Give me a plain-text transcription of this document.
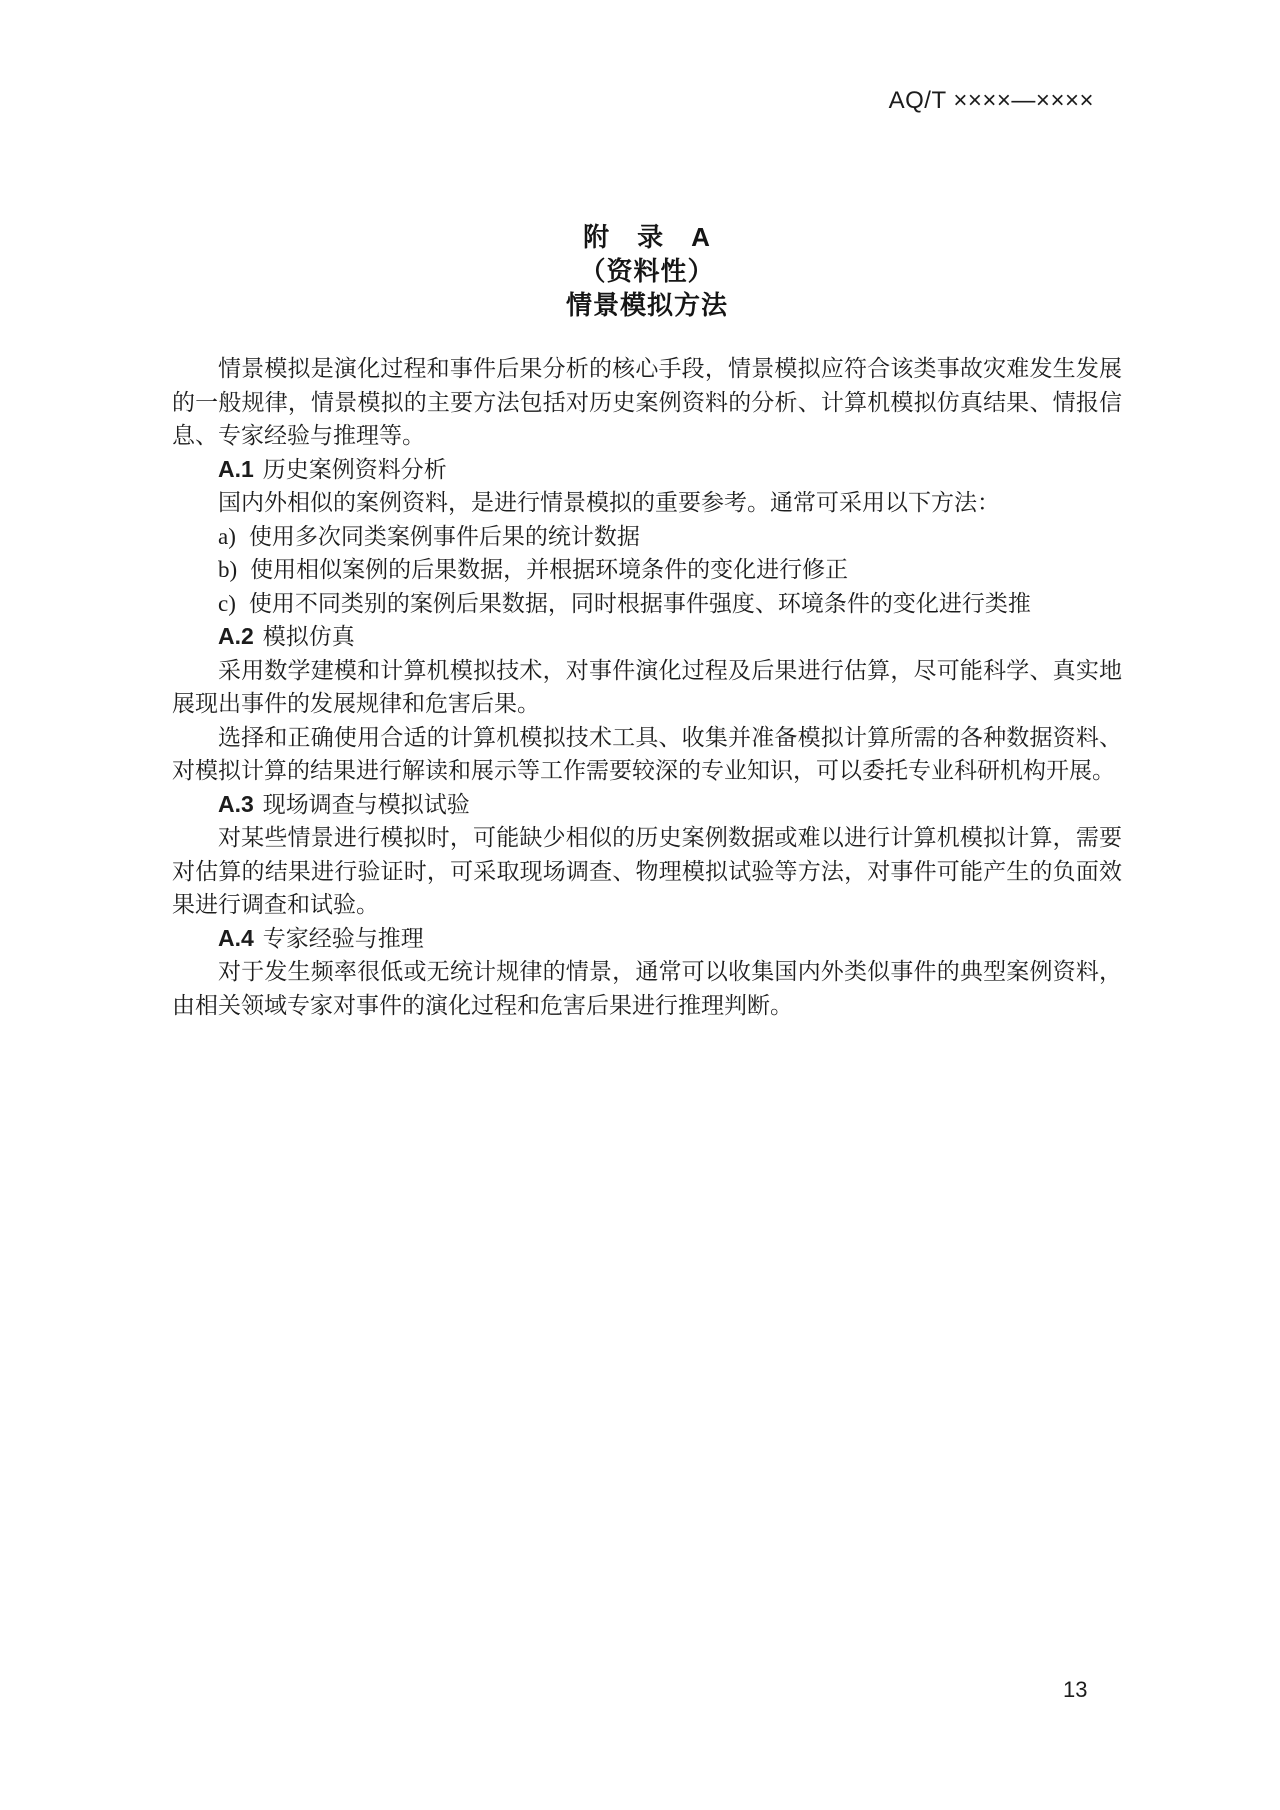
AQ/T ××××—××××
附　录　A
（资料性）
情景模拟方法

情景模拟是演化过程和事件后果分析的核心手段，情景模拟应符合该类事故灾难发生发展的一般规律，情景模拟的主要方法包括对历史案例资料的分析、计算机模拟仿真结果、情报信息、专家经验与推理等。

A.1 历史案例资料分析

国内外相似的案例资料，是进行情景模拟的重要参考。通常可采用以下方法：

a) 使用多次同类案例事件后果的统计数据

b) 使用相似案例的后果数据，并根据环境条件的变化进行修正

c) 使用不同类别的案例后果数据，同时根据事件强度、环境条件的变化进行类推

A.2 模拟仿真

采用数学建模和计算机模拟技术，对事件演化过程及后果进行估算，尽可能科学、真实地展现出事件的发展规律和危害后果。

选择和正确使用合适的计算机模拟技术工具、收集并准备模拟计算所需的各种数据资料、对模拟计算的结果进行解读和展示等工作需要较深的专业知识，可以委托专业科研机构开展。

A.3 现场调查与模拟试验

对某些情景进行模拟时，可能缺少相似的历史案例数据或难以进行计算机模拟计算，需要对估算的结果进行验证时，可采取现场调查、物理模拟试验等方法，对事件可能产生的负面效果进行调查和试验。

A.4 专家经验与推理

对于发生频率很低或无统计规律的情景，通常可以收集国内外类似事件的典型案例资料，由相关领域专家对事件的演化过程和危害后果进行推理判断。

13
